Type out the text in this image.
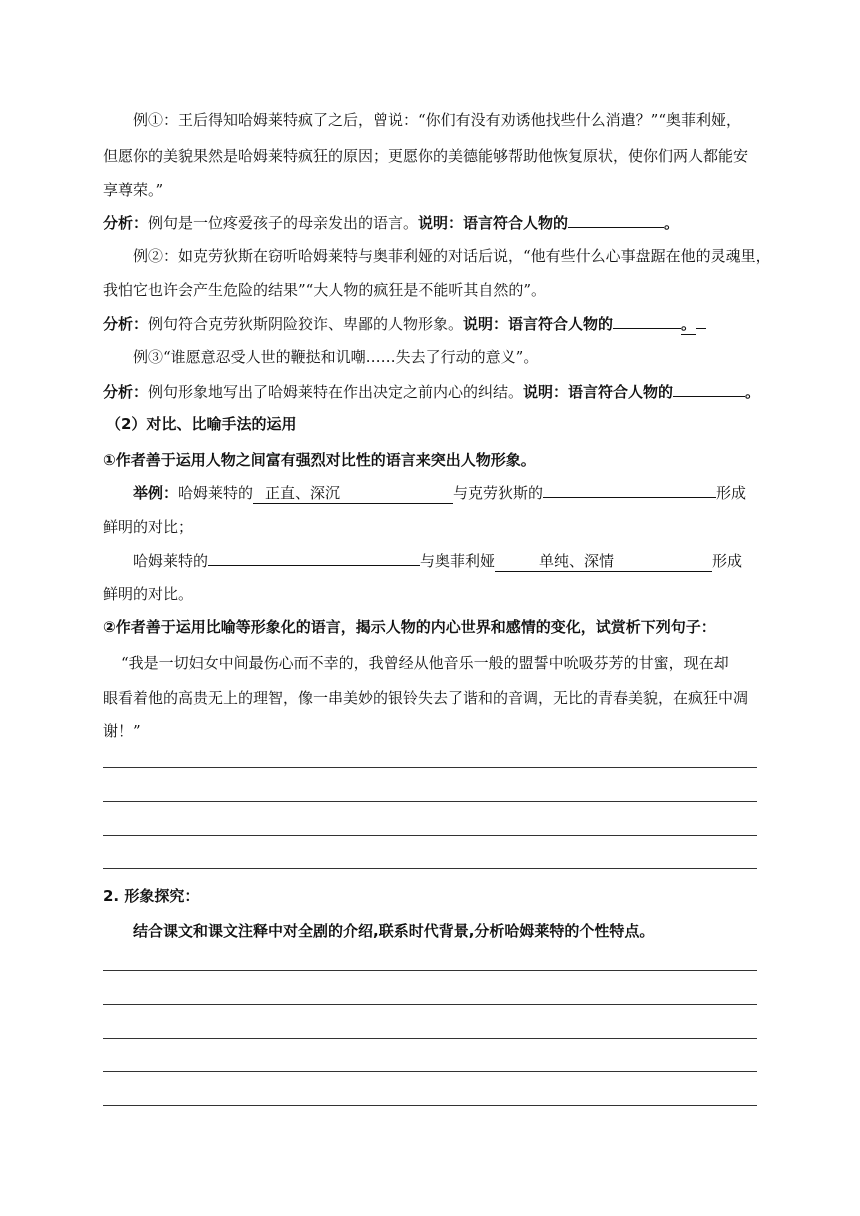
例①：王后得知哈姆莱特疯了之后，曾说：“你们有没有劝诱他找些什么消遣？”“奥菲利娅，
但愿你的美貌果然是哈姆莱特疯狂的原因；更愿你的美德能够帮助他恢复原状，使你们两人都能安
享尊荣。”
分析：例句是一位疼爱孩子的母亲发出的语言。说明：语言符合人物的	。
例②：如克劳狄斯在窃听哈姆莱特与奥菲利娅的对话后说，“他有些什么心事盘踞在他的灵魂里，
我怕它也许会产生危险的结果”“大人物的疯狂是不能听其自然的”。
分析：例句符合克劳狄斯阴险狡诈、卑鄙的人物形象。说明：语言符合人物的	。
例③“谁愿意忍受人世的鞭挞和讥嘲……失去了行动的意义”。
分析：例句形象地写出了哈姆莱特在作出决定之前内心的纠结。说明：语言符合人物的	。
（2）对比、比喻手法的运用
①作者善于运用人物之间富有强烈对比性的语言来突出人物形象。
举例：哈姆莱特的 正直、深沉	与克劳狄斯的	形成
鲜明的对比；
哈姆莱特的	与奥菲利娅	单纯、深情	形成
鲜明的对比。
②作者善于运用比喻等形象化的语言，揭示人物的内心世界和感情的变化，试赏析下列句子：
“我是一切妇女中间最伤心而不幸的，我曾经从他音乐一般的盟誓中吮吸芬芳的甘蜜，现在却
眼看着他的高贵无上的理智，像一串美妙的银铃失去了谐和的音调，无比的青春美貌，在疯狂中凋
谢！”
2. 形象探究：
结合课文和课文注释中对全剧的介绍,联系时代背景,分析哈姆莱特的个性特点。
